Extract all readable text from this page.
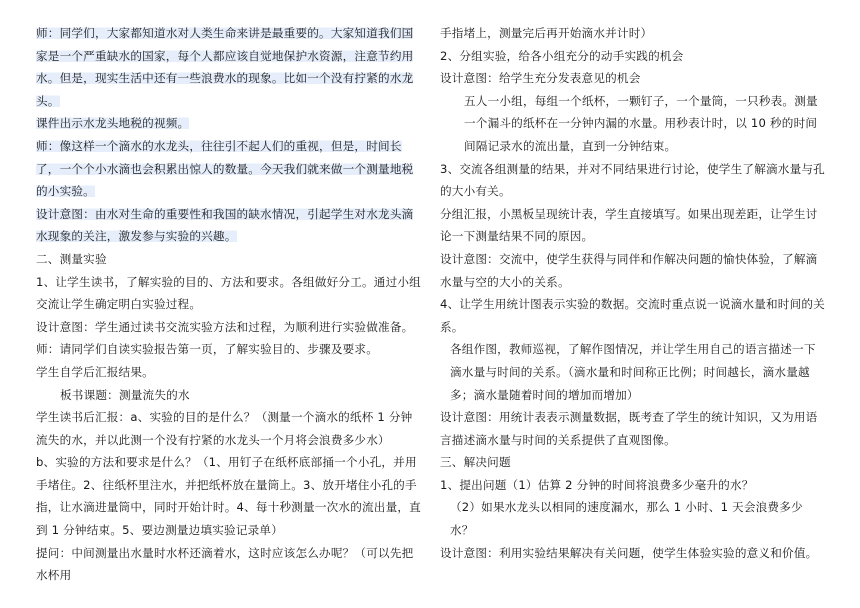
师：同学们，大家都知道水对人类生命来讲是最重要的。大家知道我们国家是一个严重缺水的国家，每个人都应该自觉地保护水资源，注意节约用水。但是，现实生活中还有一些浪费水的现象。比如一个没有拧紧的水龙头。

课件出示水龙头地税的视频。

师：像这样一个滴水的水龙头，往往引不起人们的重视，但是，时间长了，一个个小水滴也会积累出惊人的数量。今天我们就来做一个测量地税的小实验。

设计意图：由水对生命的重要性和我国的缺水情况，引起学生对水龙头滴水现象的关注，激发参与实验的兴趣。

二、测量实验

1、让学生读书，了解实验的目的、方法和要求。各组做好分工。通过小组交流让学生确定明白实验过程。

设计意图：学生通过读书交流实验方法和过程，为顺利进行实验做准备。

师：请同学们自读实验报告第一页，了解实验目的、步骤及要求。

学生自学后汇报结果。

板书课题：测量流失的水

学生读书后汇报：a、实验的目的是什么？（测量一个滴水的纸杯 1 分钟流失的水，并以此测一个没有拧紧的水龙头一个月将会浪费多少水）

b、实验的方法和要求是什么？（1、用钉子在纸杯底部捅一个小孔，并用手堵住。2、往纸杯里注水，并把纸杯放在量筒上。3、放开堵住小孔的手指，让水滴进量筒中，同时开始计时。4、每十秒测量一次水的流出量，直到 1 分钟结束。5、要边测量边填实验记录单）

提问：中间测量出水量时水杯还滴着水，这时应该怎么办呢？（可以先把水杯用

手指堵上，测量完后再开始滴水并计时）

2、分组实验，给各小组充分的动手实践的机会

设计意图：给学生充分发表意见的机会

五人一小组，每组一个纸杯，一颗钉子，一个量筒，一只秒表。测量一个漏斗的纸杯在一分钟内漏的水量。用秒表计时，以 10 秒的时间间隔记录水的流出量，直到一分钟结束。

3、交流各组测量的结果，并对不同结果进行讨论，使学生了解滴水量与孔的大小有关。

分组汇报，小黑板呈现统计表，学生直接填写。如果出现差距，让学生讨论一下测量结果不同的原因。

设计意图：交流中，使学生获得与同伴和作解决问题的愉快体验，了解滴水量与空的大小的关系。

4、让学生用统计图表示实验的数据。交流时重点说一说滴水量和时间的关系。

各组作图，教师巡视，了解作图情况，并让学生用自己的语言描述一下滴水量与时间的关系。（滴水量和时间称正比例；时间越长，滴水量越多；滴水量随着时间的增加而增加）

设计意图：用统计表表示测量数据，既考查了学生的统计知识，又为用语言描述滴水量与时间的关系提供了直观图像。

三、解决问题

1、提出问题（1）估算 2 分钟的时间将浪费多少毫升的水？

（2）如果水龙头以相同的速度漏水，那么 1 小时、1 天会浪费多少水？

设计意图：利用实验结果解决有关问题，使学生体验实验的意义和价值。
